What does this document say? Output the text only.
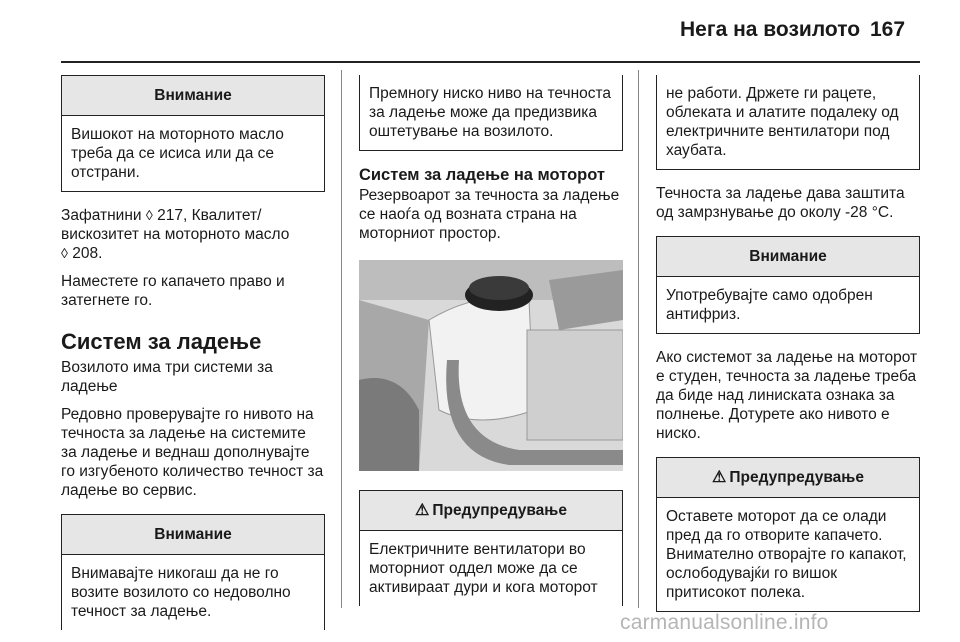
Нега на возилото 167
Внимание
Вишокот на моторното масло треба да се исиса или да се отстрани.

Зафатнини ◊ 217, Квалитет/ вискозитет на моторното масло
◊ 208.

Наместете го капачето право и затегнете го.

Систем за ладење

Возилото има три системи за ладење

Редовно проверувајте го нивото на течноста за ладење на системите за ладење и веднаш дополнувајте го изгубеното количество течност за ладење во сервис.

Внимание
Внимавајте никогаш да не го возите возилото со недоволно течност за ладење.
Премногу ниско ниво на течноста за ладење може да предизвика оштетување на возилото.
Систем за ладење на моторот

Резервоарот за течноста за ладење се наоѓа од возната страна на моторниот простор.

⚠ Предупредување
Електричните вентилатори во моторниот оддел може да се активираат дури и кога моторот
не работи. Држете ги рацете, облеката и алатите подалеку од електричните вентилатори под хаубата.

Течноста за ладење дава заштита од замрзнување до околу -28 °C.

Внимание
Употребувајте само одобрен антифриз.

Ако системот за ладење на моторот е студен, течноста за ладење треба да биде над линиската ознака за полнење. Дотурете ако нивото е ниско.

⚠ Предупредување
Оставете моторот да се олади пред да го отворите капачето. Внимателно отворајте го капакот, ослободувајќи го вишок притисокот полека.
carmanualsonline.info
